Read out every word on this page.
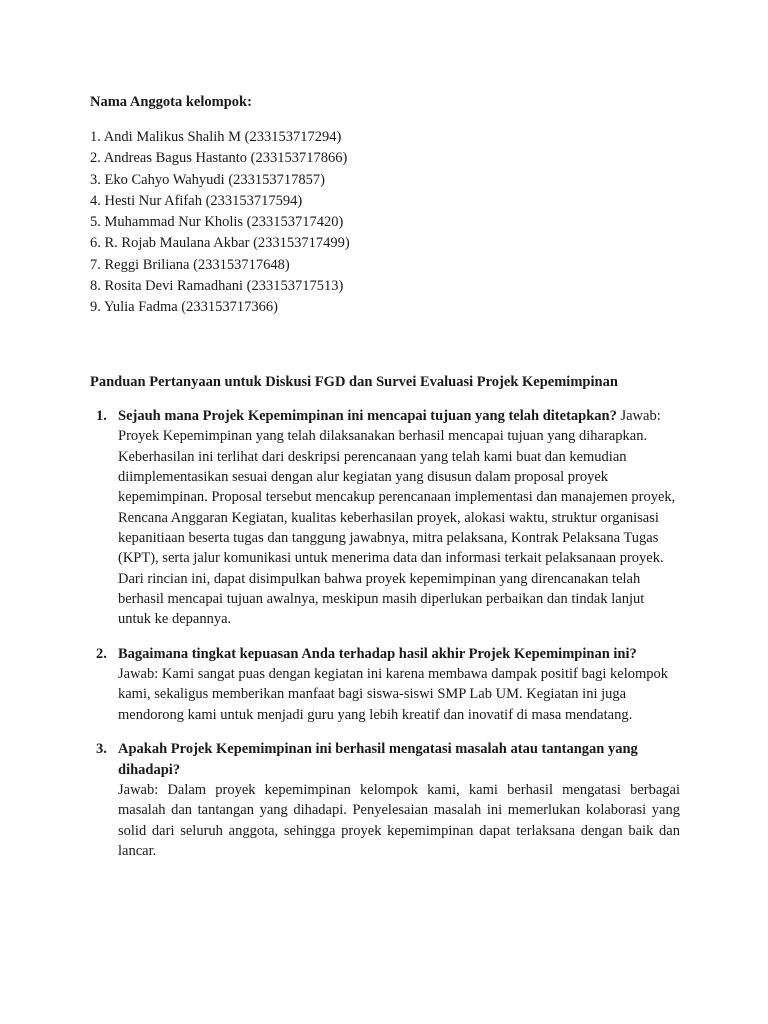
Nama Anggota kelompok:

1. Andi Malikus Shalih M (233153717294)
2. Andreas Bagus Hastanto (233153717866)
3. Eko Cahyo Wahyudi (233153717857)
4. Hesti Nur Afifah (233153717594)
5. Muhammad Nur Kholis (233153717420)
6. R. Rojab Maulana Akbar (233153717499)
7. Reggi Briliana (233153717648)
8. Rosita Devi Ramadhani (233153717513)
9. Yulia Fadma (233153717366)

Panduan Pertanyaan untuk Diskusi FGD dan Survei Evaluasi Projek Kepemimpinan

1. Sejauh mana Projek Kepemimpinan ini mencapai tujuan yang telah ditetapkan? Jawab: Proyek Kepemimpinan yang telah dilaksanakan berhasil mencapai tujuan yang diharapkan. Keberhasilan ini terlihat dari deskripsi perencanaan yang telah kami buat dan kemudian diimplementasikan sesuai dengan alur kegiatan yang disusun dalam proposal proyek kepemimpinan. Proposal tersebut mencakup perencanaan implementasi dan manajemen proyek, Rencana Anggaran Kegiatan, kualitas keberhasilan proyek, alokasi waktu, struktur organisasi kepanitiaan beserta tugas dan tanggung jawabnya, mitra pelaksana, Kontrak Pelaksana Tugas (KPT), serta jalur komunikasi untuk menerima data dan informasi terkait pelaksanaan proyek. Dari rincian ini, dapat disimpulkan bahwa proyek kepemimpinan yang direncanakan telah berhasil mencapai tujuan awalnya, meskipun masih diperlukan perbaikan dan tindak lanjut untuk ke depannya.
2. Bagaimana tingkat kepuasan Anda terhadap hasil akhir Projek Kepemimpinan ini?
Jawab: Kami sangat puas dengan kegiatan ini karena membawa dampak positif bagi kelompok kami, sekaligus memberikan manfaat bagi siswa-siswi SMP Lab UM. Kegiatan ini juga mendorong kami untuk menjadi guru yang lebih kreatif dan inovatif di masa mendatang.
3. Apakah Projek Kepemimpinan ini berhasil mengatasi masalah atau tantangan yang dihadapi?
Jawab: Dalam proyek kepemimpinan kelompok kami, kami berhasil mengatasi berbagai masalah dan tantangan yang dihadapi. Penyelesaian masalah ini memerlukan kolaborasi yang solid dari seluruh anggota, sehingga proyek kepemimpinan dapat terlaksana dengan baik dan lancar.
